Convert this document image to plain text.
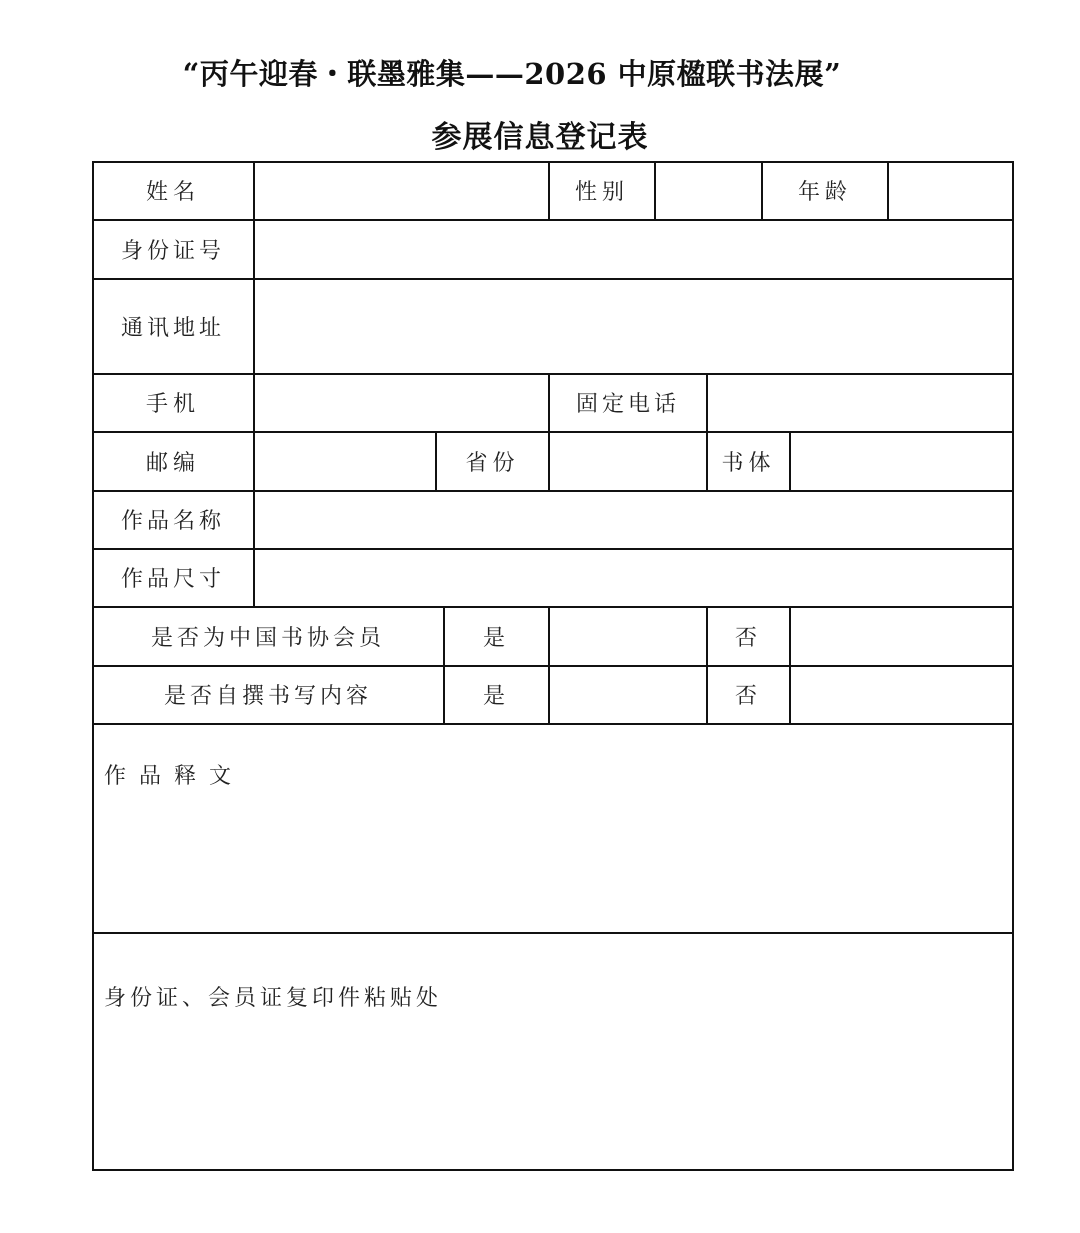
“丙午迎春・联墨雅集——2026 中原楹联书法展”
参展信息登记表
姓名	性别	年龄
身份证号
通讯地址
手机	固定电话
邮编	省份	书体
作品名称
作品尺寸
是否为中国书协会员	是	否
是否自撰书写内容	是	否
作品释文
身份证、会员证复印件粘贴处
